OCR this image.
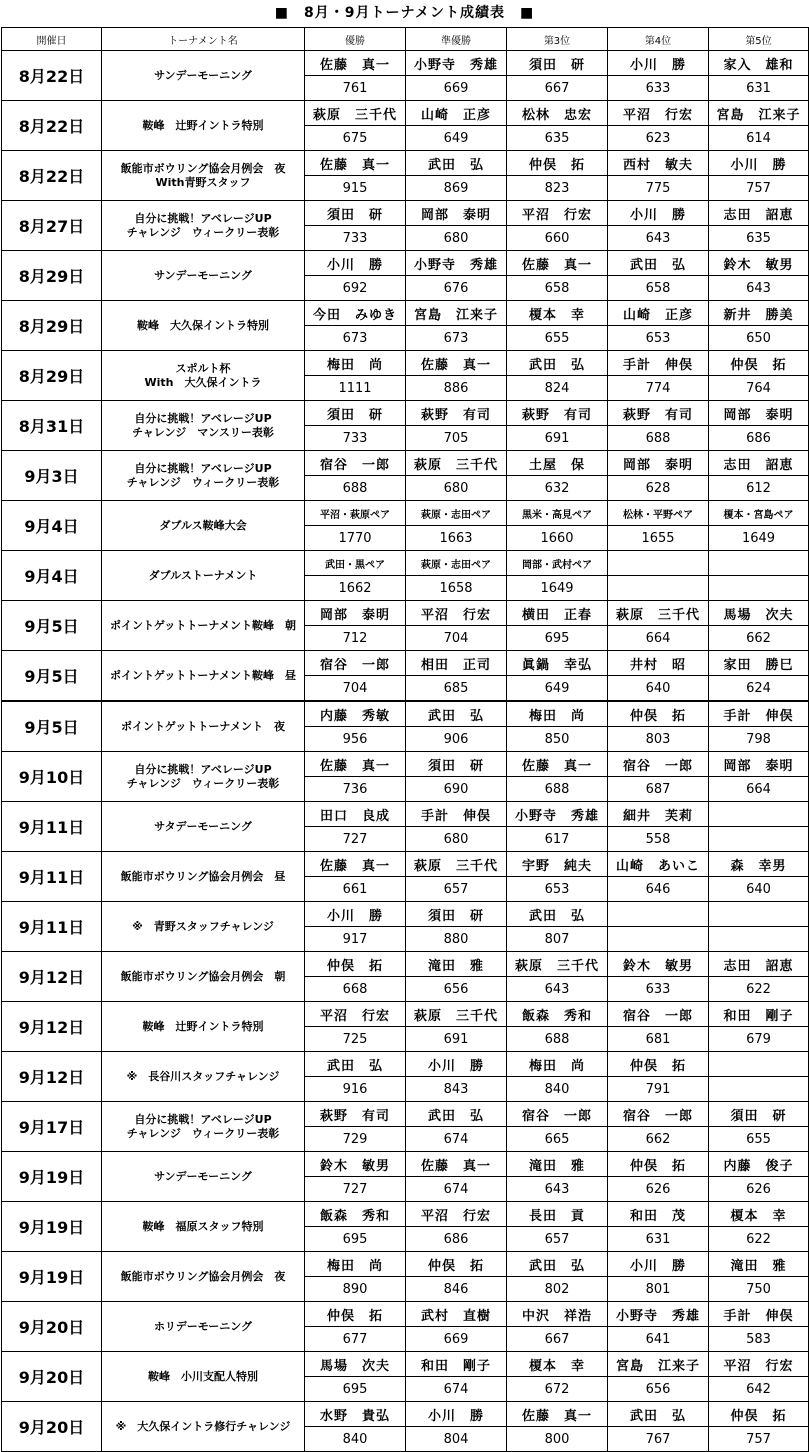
■　8月・9月トーナメント成績表　■
開催日	トーナメント名	優勝	準優勝	第3位	第4位	第5位
8月22日	サンデーモーニング	佐藤　真一	小野寺　秀雄	須田　研	小川　勝	家入　雄和
		761	669	667	633	631
8月22日	鞍峰　辻野イントラ特別	萩原　三千代	山崎　正彦	松林　忠宏	平沼　行宏	宮島　江来子
		675	649	635	623	614
8月22日	飯能市ボウリング協会月例会　夜
With青野スタッフ	佐藤　真一	武田　弘	仲俣　拓	西村　敏夫	小川　勝
		915	869	823	775	757
8月27日	自分に挑戦！アベレージUP
チャレンジ　ウィークリー表彰	須田　研	岡部　泰明	平沼　行宏	小川　勝	志田　詔恵
		733	680	660	643	635
8月29日	サンデーモーニング	小川　勝	小野寺　秀雄	佐藤　真一	武田　弘	鈴木　敏男
		692	676	658	658	643
8月29日	鞍峰　大久保イントラ特別	今田　みゆき	宮島　江来子	榎本　幸	山崎　正彦	新井　勝美
		673	673	655	653	650
8月29日	スポルト杯
With　大久保イントラ	梅田　尚	佐藤　真一	武田　弘	手計　伸俣	仲俣　拓
		1111	886	824	774	764
8月31日	自分に挑戦！アベレージUP
チャレンジ　マンスリー表彰	須田　研	萩野　有司	萩野　有司	萩野　有司	岡部　泰明
		733	705	691	688	686
9月3日	自分に挑戦！アベレージUP
チャレンジ　ウィークリー表彰	宿谷　一郎	萩原　三千代	土屋　保	岡部　泰明	志田　詔恵
		688	680	632	628	612
9月4日	ダブルス鞍峰大会	平沼・萩原ペア	萩原・志田ペア	黒米・高見ペア	松林・平野ペア	榎本・宮島ペア
		1770	1663	1660	1655	1649
9月4日	ダブルストーナメント	武田・黒ペア	萩原・志田ペア	岡部・武村ペア		
		1662	1658	1649		
9月5日	ポイントゲットトーナメント鞍峰　朝	岡部　泰明	平沼　行宏	横田　正春	萩原　三千代	馬場　次夫
		712	704	695	664	662
9月5日	ポイントゲットトーナメント鞍峰　昼	宿谷　一郎	相田　正司	眞鍋　幸弘	井村　昭	家田　勝巳
		704	685	649	640	624
9月5日	ポイントゲットトーナメント　夜	内藤　秀敏	武田　弘	梅田　尚	仲俣　拓	手計　伸俣
		956	906	850	803	798
9月10日	自分に挑戦！アベレージUP
チャレンジ　ウィークリー表彰	佐藤　真一	須田　研	佐藤　真一	宿谷　一郎	岡部　泰明
		736	690	688	687	664
9月11日	サタデーモーニング	田口　良成	手計　伸俣	小野寺　秀雄	細井　芙莉	
		727	680	617	558	
9月11日	飯能市ボウリング協会月例会　昼	佐藤　真一	萩原　三千代	宇野　純夫	山崎　あいこ	森　幸男
		661	657	653	646	640
9月11日	※　青野スタッフチャレンジ	小川　勝	須田　研	武田　弘		
		917	880	807		
9月12日	飯能市ボウリング協会月例会　朝	仲俣　拓	滝田　雅	萩原　三千代	鈴木　敏男	志田　詔恵
		668	656	643	633	622
9月12日	鞍峰　辻野イントラ特別	平沼　行宏	萩原　三千代	飯森　秀和	宿谷　一郎	和田　剛子
		725	691	688	681	679
9月12日	※　長谷川スタッフチャレンジ	武田　弘	小川　勝	梅田　尚	仲俣　拓	
		916	843	840	791	
9月17日	自分に挑戦！アベレージUP
チャレンジ　ウィークリー表彰	萩野　有司	武田　弘	宿谷　一郎	宿谷　一郎	須田　研
		729	674	665	662	655
9月19日	サンデーモーニング	鈴木　敏男	佐藤　真一	滝田　雅	仲俣　拓	内藤　俊子
		727	674	643	626	626
9月19日	鞍峰　福原スタッフ特別	飯森　秀和	平沼　行宏	長田　貢	和田　茂	榎本　幸
		695	686	657	631	622
9月19日	飯能市ボウリング協会月例会　夜	梅田　尚	仲俣　拓	武田　弘	小川　勝	滝田　雅
		890	846	802	801	750
9月20日	ホリデーモーニング	仲俣　拓	武村　直樹	中沢　祥浩	小野寺　秀雄	手計　伸俣
		677	669	667	641	583
9月20日	鞍峰　小川支配人特別	馬場　次夫	和田　剛子	榎本　幸	宮島　江来子	平沼　行宏
		695	674	672	656	642
9月20日	※　大久保イントラ修行チャレンジ	水野　貴弘	小川　勝	佐藤　真一	武田　弘	仲俣　拓
		840	804	800	767	757
